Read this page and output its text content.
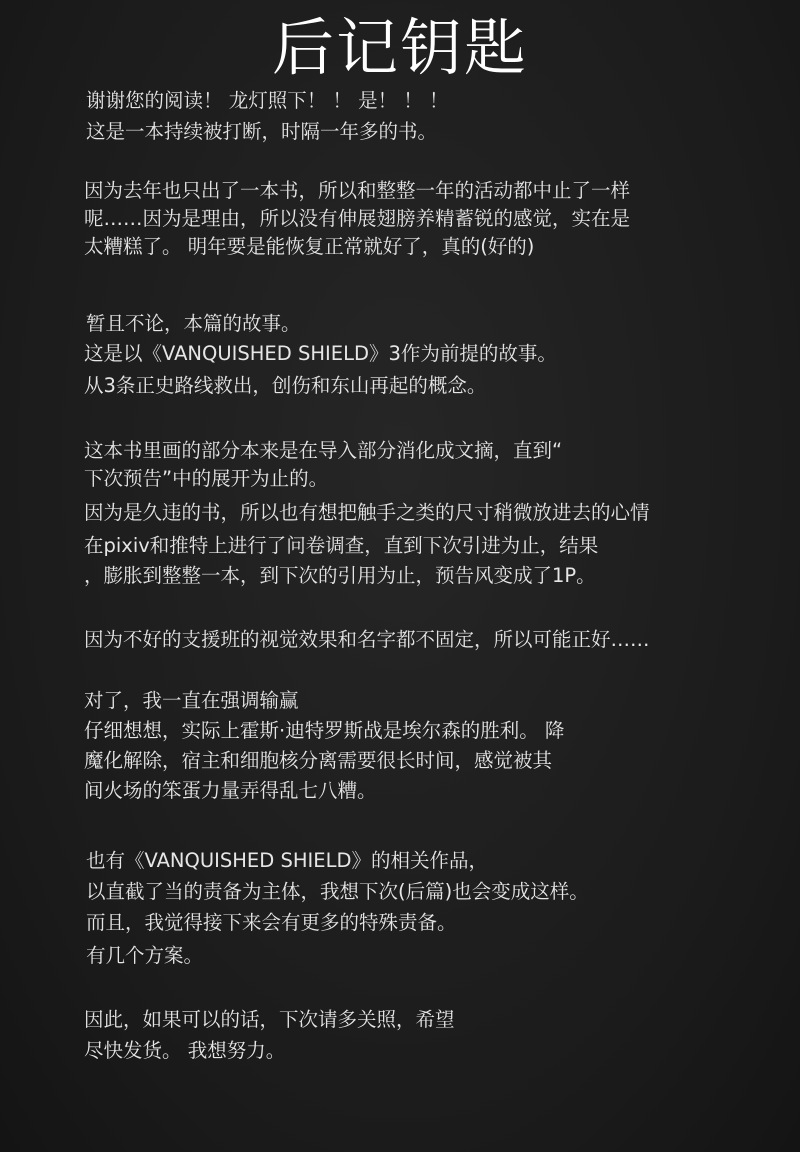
后记钥匙
谢谢您的阅读！ 龙灯照下！ ！ 是！ ！ ！
这是一本持续被打断，时隔一年多的书。
因为去年也只出了一本书，所以和整整一年的活动都中止了一样
呢……因为是理由，所以没有伸展翅膀养精蓄锐的感觉，实在是
太糟糕了。 明年要是能恢复正常就好了，真的(好的)
暂且不论，本篇的故事。
这是以《VANQUISHED SHIELD》3作为前提的故事。
从3条正史路线救出，创伤和东山再起的概念。
这本书里画的部分本来是在导入部分消化成文摘，直到“
下次预告”中的展开为止的。
因为是久违的书，所以也有想把触手之类的尺寸稍微放进去的心情
在pixiv和推特上进行了问卷调查，直到下次引进为止，结果
，膨胀到整整一本，到下次的引用为止，预告风变成了1P。
因为不好的支援班的视觉效果和名字都不固定，所以可能正好……
对了，我一直在强调输赢
仔细想想，实际上霍斯·迪特罗斯战是埃尔森的胜利。 降
魔化解除，宿主和细胞核分离需要很长时间，感觉被其
间火场的笨蛋力量弄得乱七八糟。
也有《VANQUISHED SHIELD》的相关作品，
以直截了当的责备为主体，我想下次(后篇)也会变成这样。
而且，我觉得接下来会有更多的特殊责备。
有几个方案。
因此，如果可以的话，下次请多关照，希望
尽快发货。 我想努力。
